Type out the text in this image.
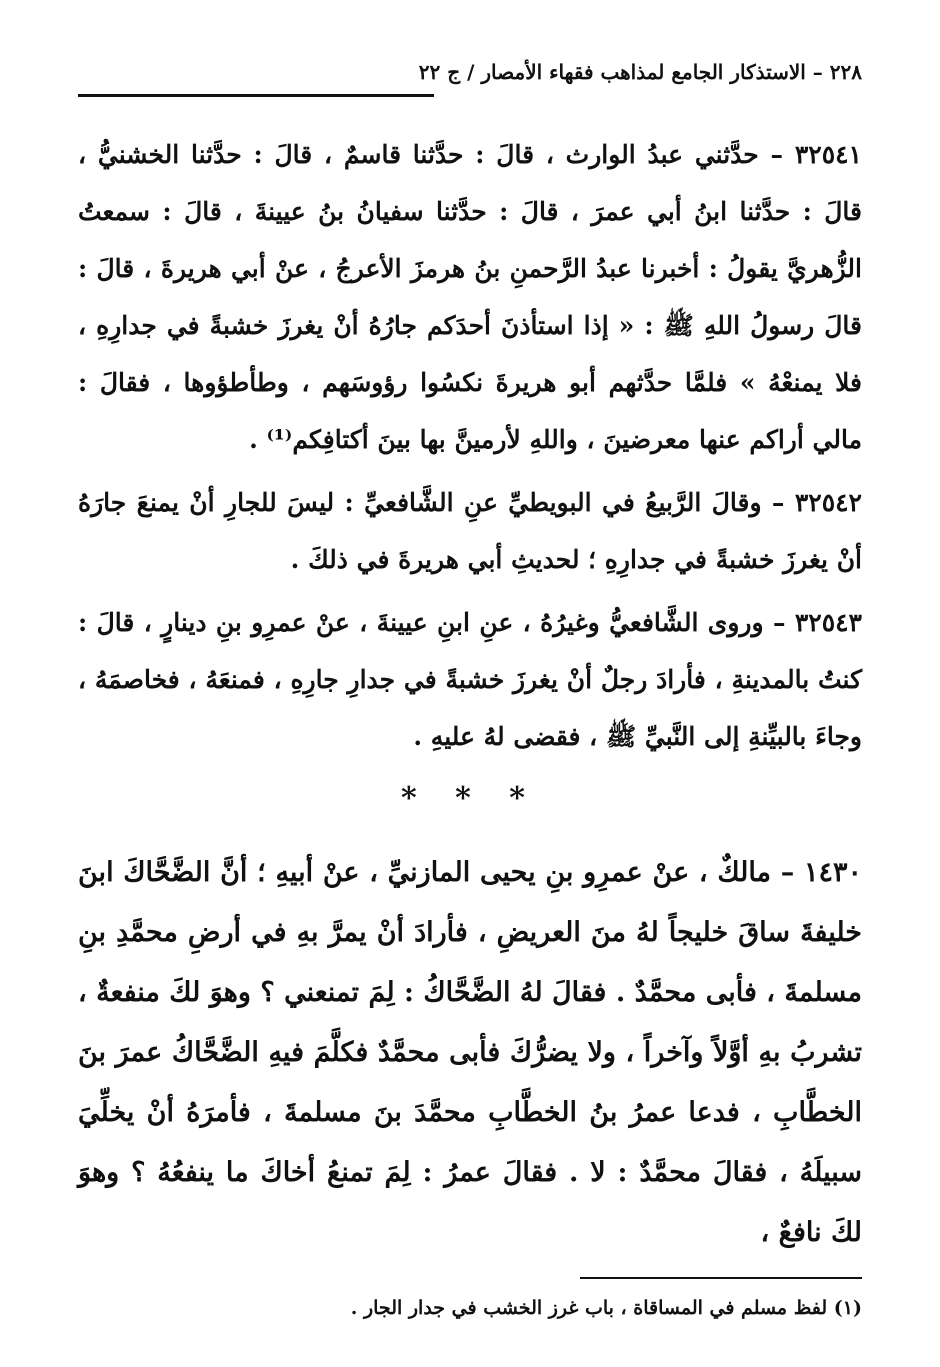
٢٢٨ – الاستذكار الجامع لمذاهب فقهاء الأمصار / ج ٢٢

٣٢٥٤١ – حدَّثني عبدُ الوارث ، قالَ : حدَّثنا قاسمٌ ، قالَ : حدَّثنا الخشنيُّ ، قالَ : حدَّثنا ابنُ أبي عمرَ ، قالَ : حدَّثنا سفيانُ بنُ عيينةَ ، قالَ : سمعتُ الزُّهريَّ يقولُ : أخبرنا عبدُ الرَّحمنِ بنُ هرمزَ الأعرجُ ، عنْ أبي هريرةَ ، قالَ : قالَ رسولُ اللهِ ﷺ : « إذا استأذنَ أحدَكم جارُهُ أنْ يغرزَ خشبةً في جدارِهِ ، فلا يمنعْهُ » فلمَّا حدَّثهم أبو هريرةَ نكسُوا رؤوسَهم ، وطأطؤوها ، فقالَ : مالي أراكم عنها معرضينَ ، واللهِ لأرمينَّ بها بينَ أكتافِكم⁽¹⁾ .

٣٢٥٤٢ – وقالَ الرَّبيعُ في البويطيِّ عنِ الشَّافعيِّ : ليسَ للجارِ أنْ يمنعَ جارَهُ أنْ يغرزَ خشبةً في جدارِهِ ؛ لحديثِ أبي هريرةَ في ذلكَ .

٣٢٥٤٣ – وروى الشَّافعيُّ وغيرُهُ ، عنِ ابنِ عيينةَ ، عنْ عمرِو بنِ دينارٍ ، قالَ : كنتُ بالمدينةِ ، فأرادَ رجلٌ أنْ يغرزَ خشبةً في جدارِ جارِهِ ، فمنعَهُ ، فخاصمَهُ ، وجاءَ بالبيِّنةِ إلى النَّبيِّ ﷺ ، فقضى لهُ عليهِ .

* * *

١٤٣٠ – مالكٌ ، عنْ عمرِو بنِ يحيى المازنيِّ ، عنْ أبيهِ ؛ أنَّ الضَّحَّاكَ ابنَ خليفةَ ساقَ خليجاً لهُ منَ العريضِ ، فأرادَ أنْ يمرَّ بهِ في أرضِ محمَّدِ بنِ مسلمةَ ، فأبى محمَّدٌ . فقالَ لهُ الضَّحَّاكُ : لِمَ تمنعني ؟ وهوَ لكَ منفعةٌ ، تشربُ بهِ أوَّلاً وآخراً ، ولا يضرُّكَ فأبى محمَّدٌ فكلَّمَ فيهِ الضَّحَّاكُ عمرَ بنَ الخطَّابِ ، فدعا عمرُ بنُ الخطَّابِ محمَّدَ بنَ مسلمةَ ، فأمرَهُ أنْ يخلِّيَ سبيلَهُ ، فقالَ محمَّدٌ : لا . فقالَ عمرُ : لِمَ تمنعُ أخاكَ ما ينفعُهُ ؟ وهوَ لكَ نافعٌ ،

(١) لفظ مسلم في المساقاة ، باب غرز الخشب في جدار الجار .
